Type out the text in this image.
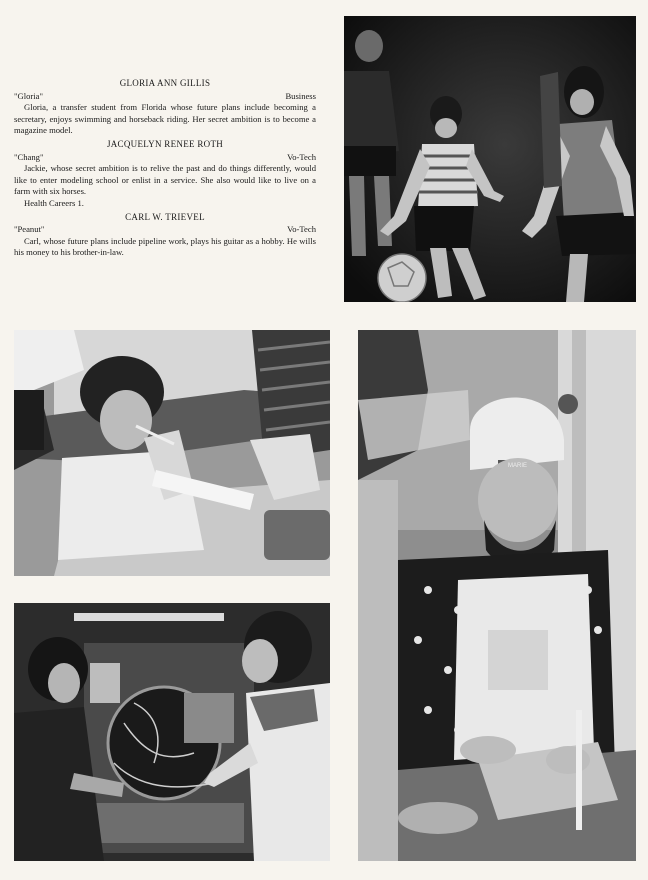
GLORIA ANN GILLIS
"Gloria"	Business
Gloria, a transfer student from Florida whose future plans include becoming a secretary, enjoys swimming and horseback riding. Her secret ambition is to become a magazine model.
JACQUELYN RENEE ROTH
"Chang"	Vo-Tech
Jackie, whose secret ambition is to relive the past and do things differently, would like to enter modeling school or enlist in a service. She also would like to live on a farm with six horses.
Health Careers 1.
CARL W. TRIEVEL
"Peanut"	Vo-Tech
Carl, whose future plans include pipeline work, plays his guitar as a hobby. He wills his money to his brother-in-law.
MARIE
